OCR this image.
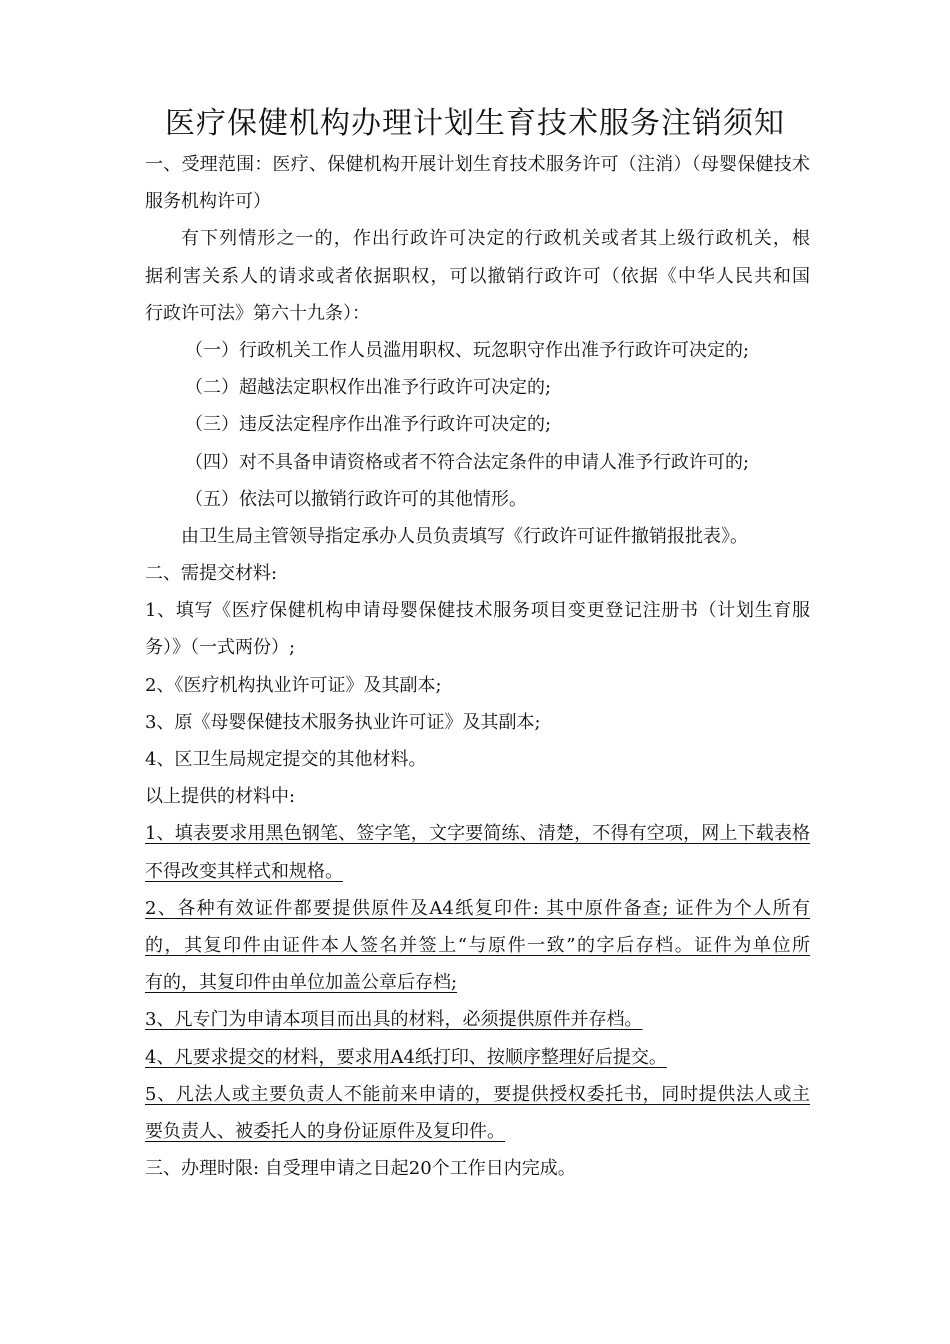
医疗保健机构办理计划生育技术服务注销须知
一、受理范围：医疗、保健机构开展计划生育技术服务许可（注消）（母婴保健技术
服务机构许可）
有下列情形之一的，作出行政许可决定的行政机关或者其上级行政机关，根
据利害关系人的请求或者依据职权，可以撤销行政许可（依据《中华人民共和国
行政许可法》第六十九条）：
（一）行政机关工作人员滥用职权、玩忽职守作出准予行政许可决定的;
（二）超越法定职权作出准予行政许可决定的;
（三）违反法定程序作出准予行政许可决定的;
（四）对不具备申请资格或者不符合法定条件的申请人准予行政许可的;
（五）依法可以撤销行政许可的其他情形。
由卫生局主管领导指定承办人员负责填写《行政许可证件撤销报批表》。
二、需提交材料:
1、填写《医疗保健机构申请母婴保健技术服务项目变更登记注册书（计划生育服
务）》（一式两份）;
2、《医疗机构执业许可证》及其副本;
3、原《母婴保健技术服务执业许可证》及其副本;
4、区卫生局规定提交的其他材料。
以上提供的材料中:
1、填表要求用黑色钢笔、签字笔，文字要简练、清楚，不得有空项，网上下载表格
不得改变其样式和规格。
2、各种有效证件都要提供原件及A4纸复印件: 其中原件备查; 证件为个人所有
的，其复印件由证件本人签名并签上“与原件一致”的字后存档。证件为单位所
有的，其复印件由单位加盖公章后存档;
3、凡专门为申请本项目而出具的材料，必须提供原件并存档。
4、凡要求提交的材料，要求用A4纸打印、按顺序整理好后提交。
5、凡法人或主要负责人不能前来申请的，要提供授权委托书，同时提供法人或主
要负责人、被委托人的身份证原件及复印件。
三、办理时限: 自受理申请之日起20个工作日内完成。
